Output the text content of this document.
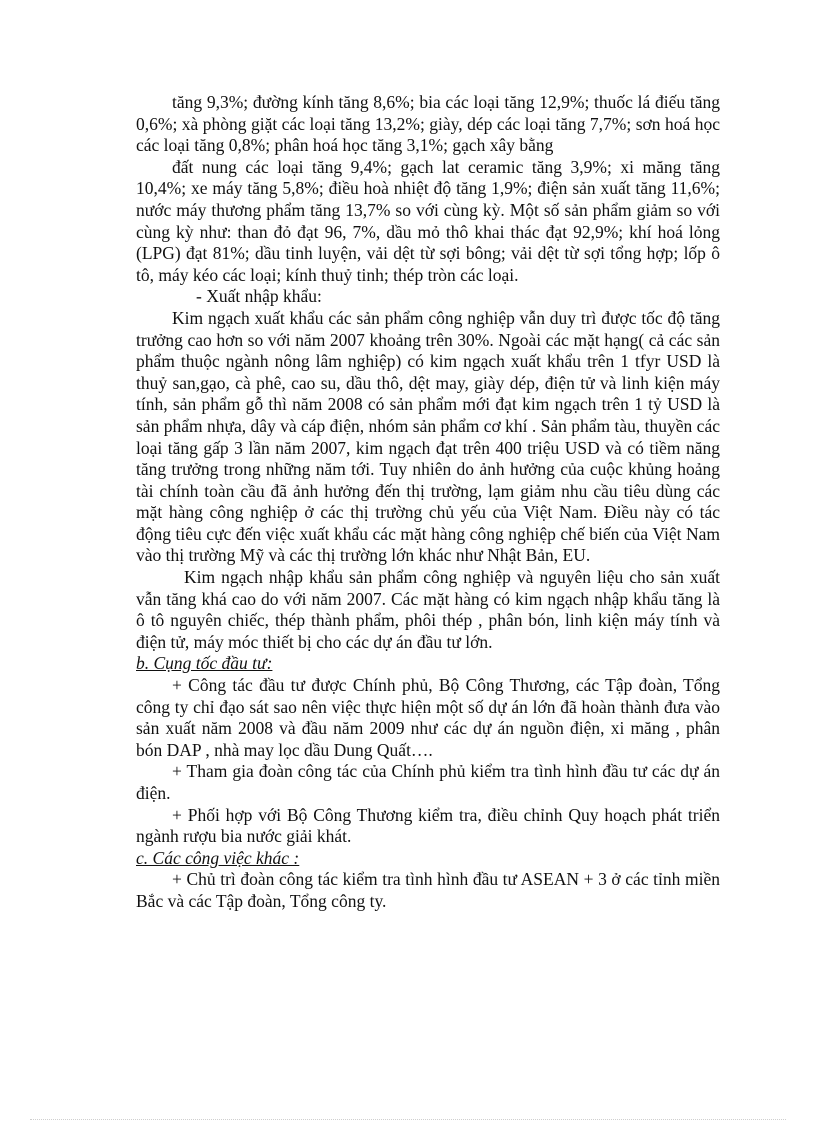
tăng 9,3%; đường kính tăng 8,6%; bia các loại tăng 12,9%; thuốc lá điếu tăng 0,6%; xà phòng giặt các loại tăng 13,2%; giày, dép các loại tăng 7,7%; sơn hoá học các loại tăng 0,8%; phân hoá học tăng 3,1%; gạch xây bằng

đất nung các loại tăng 9,4%; gạch lat ceramic tăng 3,9%; xi măng tăng 10,4%; xe máy tăng 5,8%; điều hoà nhiệt độ tăng 1,9%; điện sản xuất tăng 11,6%; nước máy thương phẩm tăng 13,7% so với cùng kỳ. Một số sản phẩm giảm so với cùng kỳ như: than đỏ đạt 96, 7%, dầu mỏ thô khai thác đạt 92,9%; khí hoá lỏng (LPG) đạt 81%; dầu tinh luyện, vải dệt từ sợi bông; vải dệt từ sợi tổng hợp; lốp ô tô, máy kéo các loại; kính thuỷ tinh; thép tròn các loại.

- Xuất nhập khẩu:

Kim ngạch xuất khẩu các sản phẩm công nghiệp vẫn duy trì được tốc độ tăng trưởng cao hơn so với năm 2007 khoảng trên 30%. Ngoài các mặt hạng( cả các sản phẩm thuộc ngành nông lâm nghiệp) có kim ngạch xuất khẩu trên 1 tfyr USD là thuỷ san,gạo, cà phê, cao su, dầu thô, dệt may, giày dép, điện tử và linh kiện máy tính, sản phẩm gỗ thì năm 2008 có sản phẩm mới đạt kim ngạch trên 1 tỷ USD là sản phẩm nhựa, dây và cáp điện, nhóm sản phẩm cơ khí . Sản phẩm tàu, thuyền các loại tăng gấp 3 lần năm 2007, kim ngạch đạt trên 400 triệu USD và có tiềm năng tăng trưởng trong những năm tới. Tuy nhiên do ảnh hưởng của cuộc khủng hoảng tài chính toàn cầu đã ảnh hưởng đến thị trường, lạm giảm nhu cầu tiêu dùng các mặt hàng công nghiệp ở các thị trường chủ yếu của Việt Nam. Điều này có tác động tiêu cực đến việc xuất khẩu các mặt hàng công nghiệp chế biến của Việt Nam vào thị trường Mỹ và các thị trường lớn khác như Nhật Bản, EU.

Kim ngạch nhập khẩu sản phẩm công nghiệp và nguyên liệu cho sản xuất vẫn tăng khá cao do với năm 2007. Các mặt hàng có kim ngạch nhập khẩu tăng là ô tô nguyên chiếc, thép thành phẩm, phôi thép , phân bón, linh kiện máy tính và điện tử, máy móc thiết bị cho các dự án đầu tư lớn.

b. Cụng tốc đầu tư:

+ Công tác đầu tư được Chính phủ, Bộ Công Thương, các Tập đoàn, Tổng công ty chỉ đạo sát sao nên việc thực hiện một số dự án lớn đã hoàn thành đưa vào sản xuất năm 2008 và đầu năm 2009 như các dự án nguồn điện, xi măng , phân bón DAP , nhà may lọc dầu Dung Quất….

+ Tham gia đoàn công tác của Chính phủ kiểm tra tình hình đầu tư các dự án điện.

+ Phối hợp với Bộ Công Thương kiểm tra, điều chỉnh Quy hoạch phát triển ngành rượu bia nước giải khát.

c. Các công việc khác :

+ Chủ trì đoàn công tác kiểm tra tình hình đầu tư ASEAN + 3 ở các tỉnh miền Bắc và các Tập đoàn, Tổng công ty.
